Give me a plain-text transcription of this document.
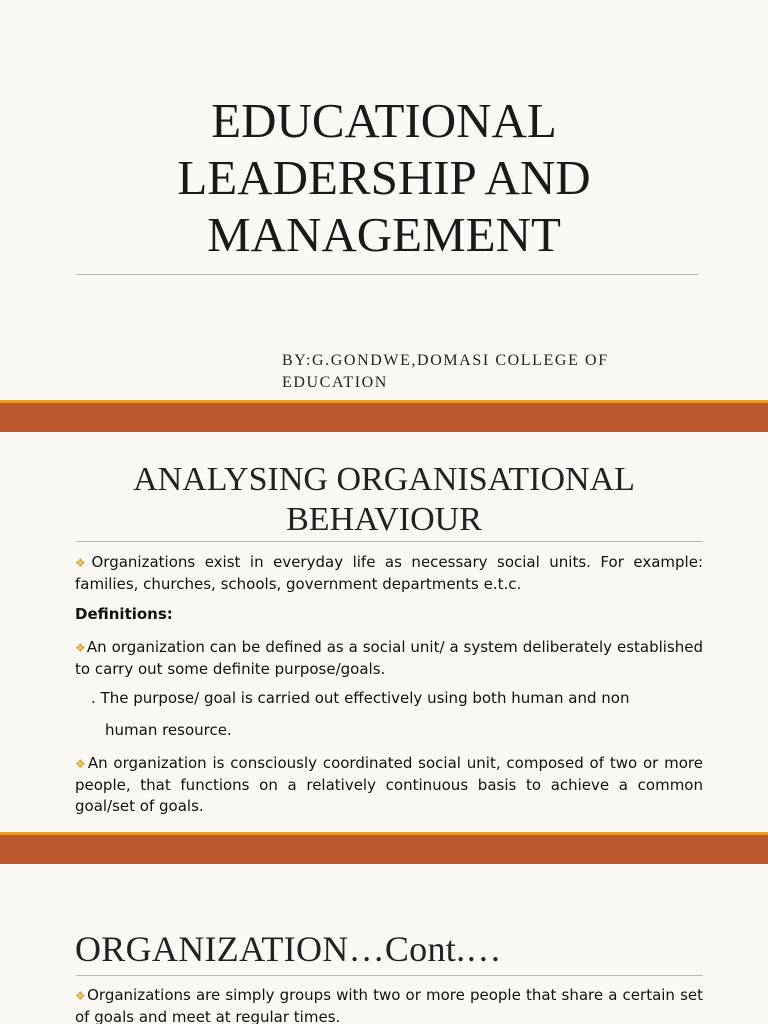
EDUCATIONAL
LEADERSHIP AND
MANAGEMENT

BY:G.GONDWE,DOMASI COLLEGE OF
EDUCATION

ANALYSING ORGANISATIONAL
BEHAVIOUR

❖Organizations exist in everyday life as necessary social units. For example: families, churches, schools, government departments e.t.c.

Definitions:

❖An organization can be defined as a social unit/ a system deliberately established to carry out some definite purpose/goals.

. The purpose/ goal is carried out effectively using both human and non

human resource.

❖An organization is consciously coordinated social unit, composed of two or more people, that functions on a relatively continuous basis to achieve a common goal/set of goals.

ORGANIZATION…Cont.…

❖Organizations are simply groups with two or more people that share a certain set of goals and meet at regular times.
